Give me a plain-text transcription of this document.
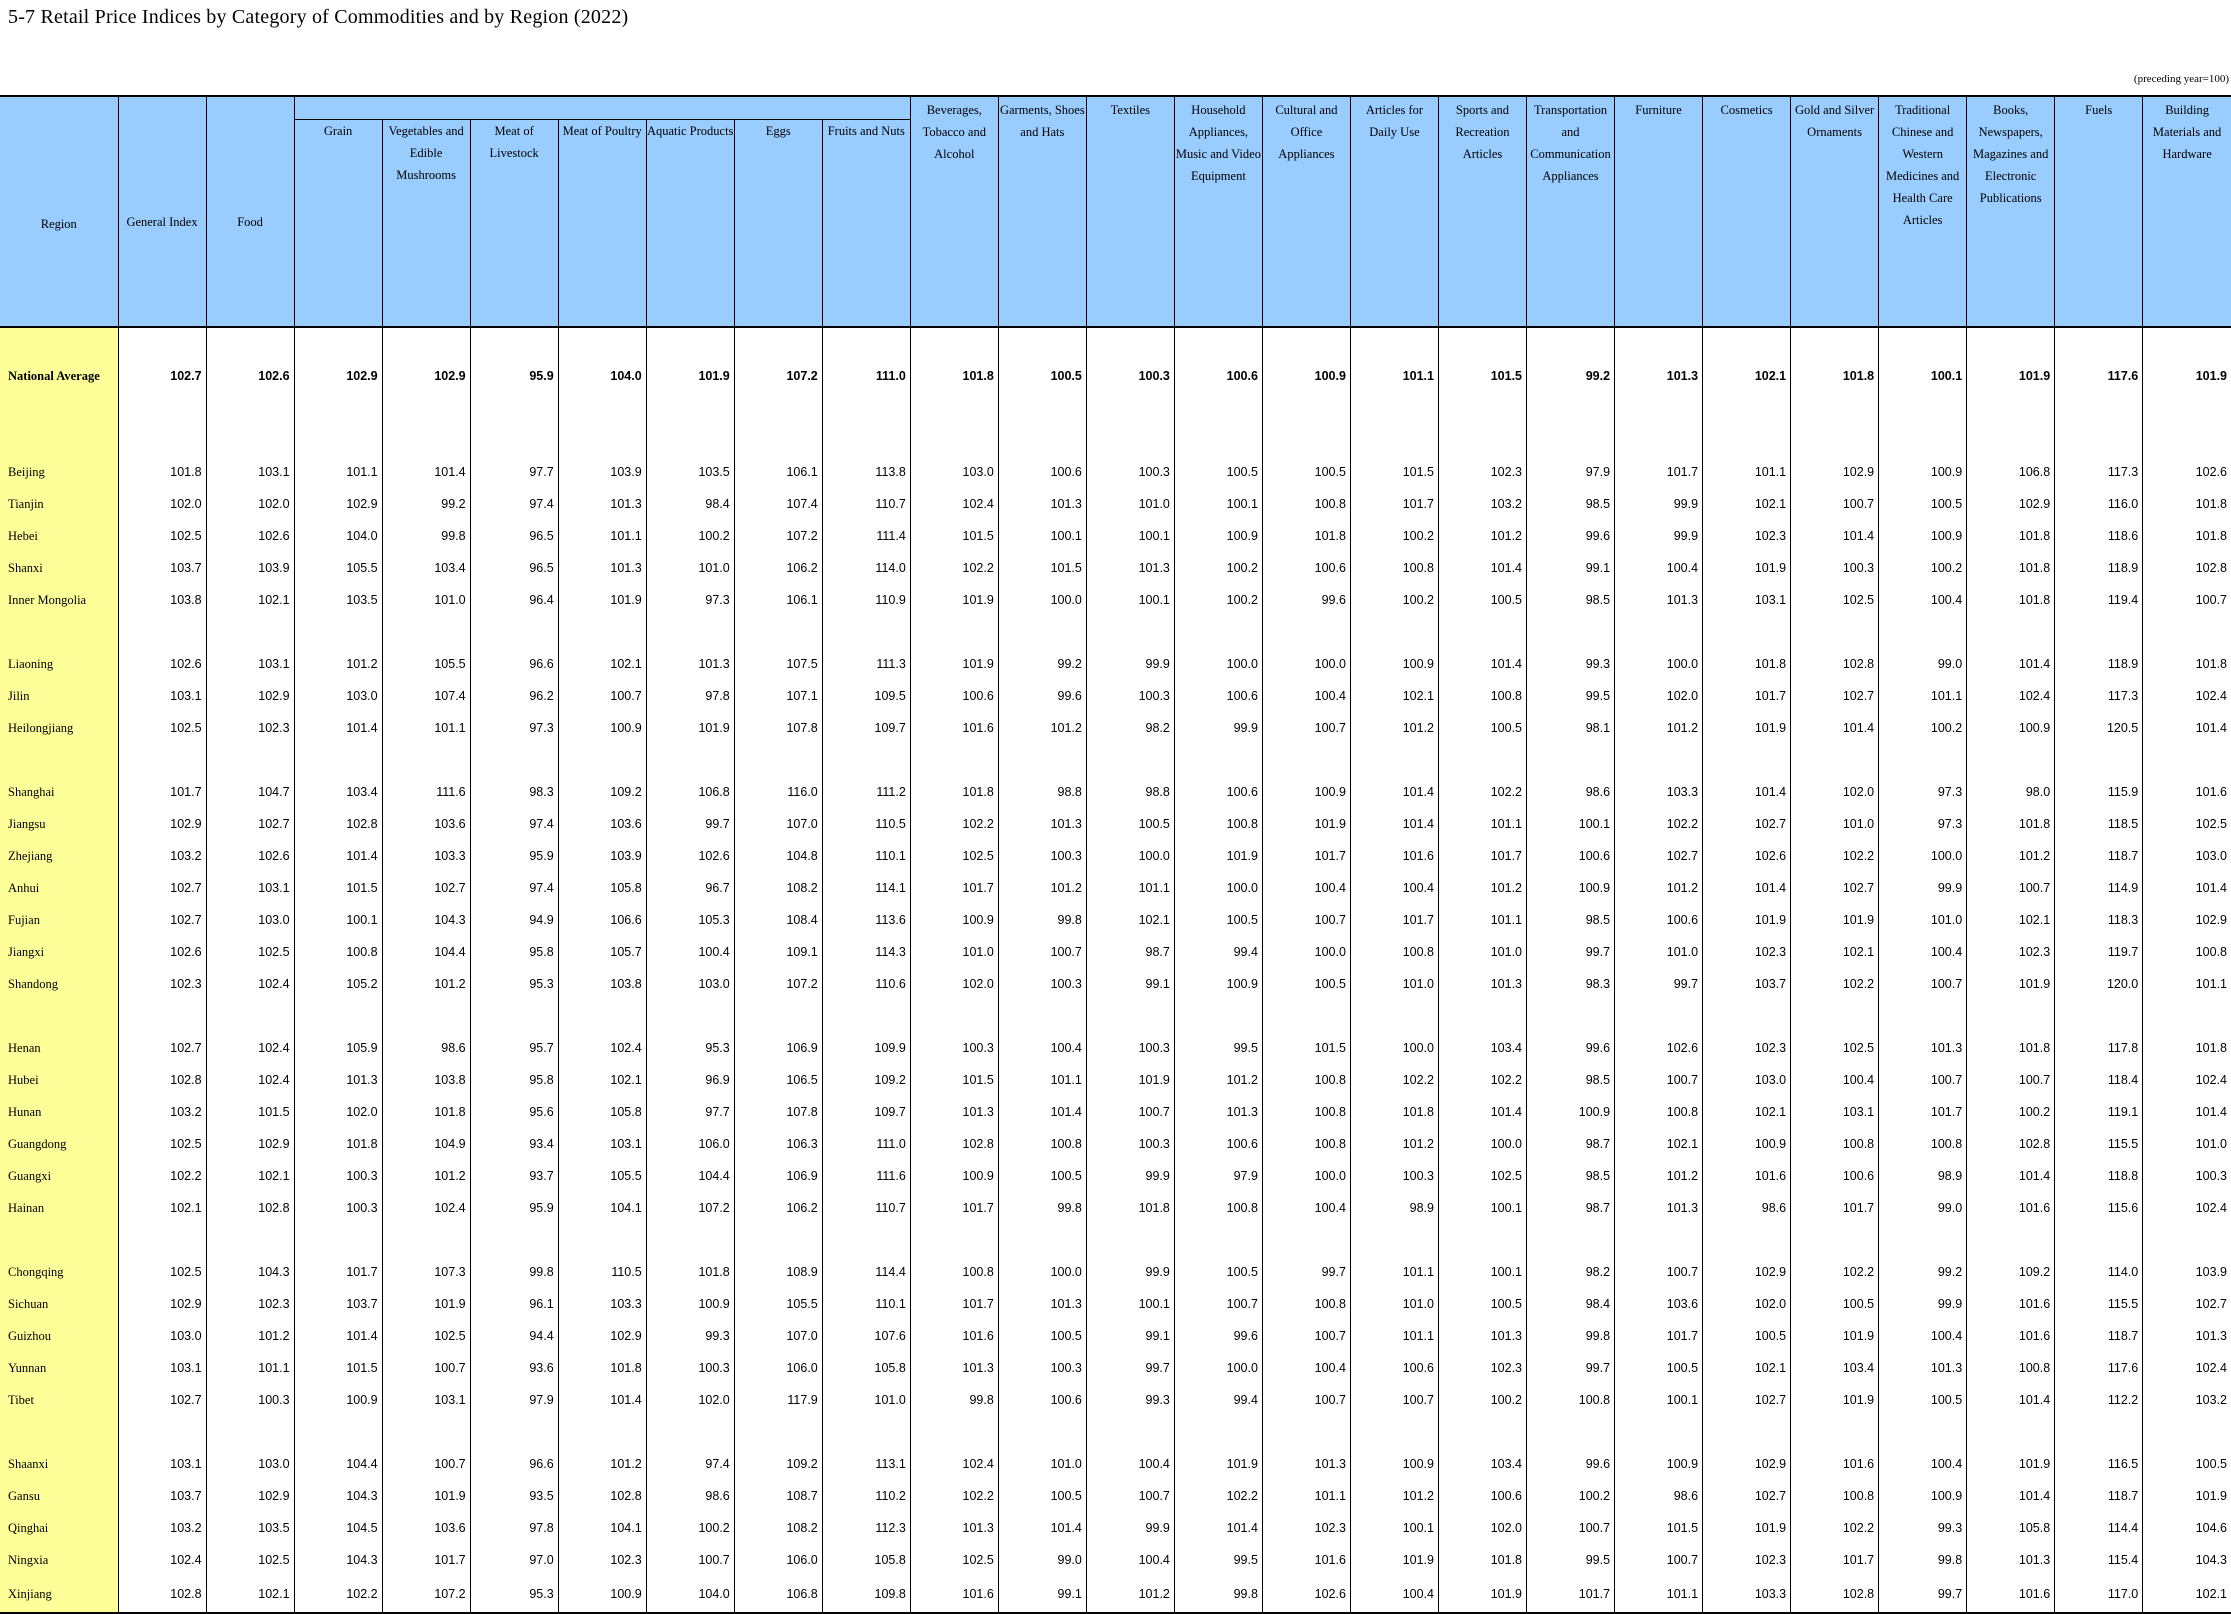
5-7 Retail Price Indices by Category of Commodities and by Region (2022)
(preceding year=100)
Region	General Index	Food								Beverages, Tobacco and Alcohol	Garments, Shoes and Hats	Textiles	Household Appliances, Music and Video Equipment	Cultural and Office Appliances	Articles for Daily Use	Sports and Recreation Articles	Transportation and Communication Appliances	Furniture	Cosmetics	Gold and Silver Ornaments	Traditional Chinese and Western Medicines and Health Care Articles	Books, Newspapers, Magazines and Electronic Publications	Fuels	Building Materials and Hardware
			Grain	Vegetables and Edible Mushrooms	Meat of Livestock	Meat of Poultry	Aquatic Products	Eggs	Fruits and Nuts															
National Average	102.7	102.6	102.9	102.9	95.9	104.0	101.9	107.2	111.0	101.8	100.5	100.3	100.6	100.9	101.1	101.5	99.2	101.3	102.1	101.8	100.1	101.9	117.6	101.9

Beijing	101.8	103.1	101.1	101.4	97.7	103.9	103.5	106.1	113.8	103.0	100.6	100.3	100.5	100.5	101.5	102.3	97.9	101.7	101.1	102.9	100.9	106.8	117.3	102.6
Tianjin	102.0	102.0	102.9	99.2	97.4	101.3	98.4	107.4	110.7	102.4	101.3	101.0	100.1	100.8	101.7	103.2	98.5	99.9	102.1	100.7	100.5	102.9	116.0	101.8
Hebei	102.5	102.6	104.0	99.8	96.5	101.1	100.2	107.2	111.4	101.5	100.1	100.1	100.9	101.8	100.2	101.2	99.6	99.9	102.3	101.4	100.9	101.8	118.6	101.8
Shanxi	103.7	103.9	105.5	103.4	96.5	101.3	101.0	106.2	114.0	102.2	101.5	101.3	100.2	100.6	100.8	101.4	99.1	100.4	101.9	100.3	100.2	101.8	118.9	102.8
Inner Mongolia	103.8	102.1	103.5	101.0	96.4	101.9	97.3	106.1	110.9	101.9	100.0	100.1	100.2	99.6	100.2	100.5	98.5	101.3	103.1	102.5	100.4	101.8	119.4	100.7

Liaoning	102.6	103.1	101.2	105.5	96.6	102.1	101.3	107.5	111.3	101.9	99.2	99.9	100.0	100.0	100.9	101.4	99.3	100.0	101.8	102.8	99.0	101.4	118.9	101.8
Jilin	103.1	102.9	103.0	107.4	96.2	100.7	97.8	107.1	109.5	100.6	99.6	100.3	100.6	100.4	102.1	100.8	99.5	102.0	101.7	102.7	101.1	102.4	117.3	102.4
Heilongjiang	102.5	102.3	101.4	101.1	97.3	100.9	101.9	107.8	109.7	101.6	101.2	98.2	99.9	100.7	101.2	100.5	98.1	101.2	101.9	101.4	100.2	100.9	120.5	101.4

Shanghai	101.7	104.7	103.4	111.6	98.3	109.2	106.8	116.0	111.2	101.8	98.8	98.8	100.6	100.9	101.4	102.2	98.6	103.3	101.4	102.0	97.3	98.0	115.9	101.6
Jiangsu	102.9	102.7	102.8	103.6	97.4	103.6	99.7	107.0	110.5	102.2	101.3	100.5	100.8	101.9	101.4	101.1	100.1	102.2	102.7	101.0	97.3	101.8	118.5	102.5
Zhejiang	103.2	102.6	101.4	103.3	95.9	103.9	102.6	104.8	110.1	102.5	100.3	100.0	101.9	101.7	101.6	101.7	100.6	102.7	102.6	102.2	100.0	101.2	118.7	103.0
Anhui	102.7	103.1	101.5	102.7	97.4	105.8	96.7	108.2	114.1	101.7	101.2	101.1	100.0	100.4	100.4	101.2	100.9	101.2	101.4	102.7	99.9	100.7	114.9	101.4
Fujian	102.7	103.0	100.1	104.3	94.9	106.6	105.3	108.4	113.6	100.9	99.8	102.1	100.5	100.7	101.7	101.1	98.5	100.6	101.9	101.9	101.0	102.1	118.3	102.9
Jiangxi	102.6	102.5	100.8	104.4	95.8	105.7	100.4	109.1	114.3	101.0	100.7	98.7	99.4	100.0	100.8	101.0	99.7	101.0	102.3	102.1	100.4	102.3	119.7	100.8
Shandong	102.3	102.4	105.2	101.2	95.3	103.8	103.0	107.2	110.6	102.0	100.3	99.1	100.9	100.5	101.0	101.3	98.3	99.7	103.7	102.2	100.7	101.9	120.0	101.1

Henan	102.7	102.4	105.9	98.6	95.7	102.4	95.3	106.9	109.9	100.3	100.4	100.3	99.5	101.5	100.0	103.4	99.6	102.6	102.3	102.5	101.3	101.8	117.8	101.8
Hubei	102.8	102.4	101.3	103.8	95.8	102.1	96.9	106.5	109.2	101.5	101.1	101.9	101.2	100.8	102.2	102.2	98.5	100.7	103.0	100.4	100.7	100.7	118.4	102.4
Hunan	103.2	101.5	102.0	101.8	95.6	105.8	97.7	107.8	109.7	101.3	101.4	100.7	101.3	100.8	101.8	101.4	100.9	100.8	102.1	103.1	101.7	100.2	119.1	101.4
Guangdong	102.5	102.9	101.8	104.9	93.4	103.1	106.0	106.3	111.0	102.8	100.8	100.3	100.6	100.8	101.2	100.0	98.7	102.1	100.9	100.8	100.8	102.8	115.5	101.0
Guangxi	102.2	102.1	100.3	101.2	93.7	105.5	104.4	106.9	111.6	100.9	100.5	99.9	97.9	100.0	100.3	102.5	98.5	101.2	101.6	100.6	98.9	101.4	118.8	100.3
Hainan	102.1	102.8	100.3	102.4	95.9	104.1	107.2	106.2	110.7	101.7	99.8	101.8	100.8	100.4	98.9	100.1	98.7	101.3	98.6	101.7	99.0	101.6	115.6	102.4

Chongqing	102.5	104.3	101.7	107.3	99.8	110.5	101.8	108.9	114.4	100.8	100.0	99.9	100.5	99.7	101.1	100.1	98.2	100.7	102.9	102.2	99.2	109.2	114.0	103.9
Sichuan	102.9	102.3	103.7	101.9	96.1	103.3	100.9	105.5	110.1	101.7	101.3	100.1	100.7	100.8	101.0	100.5	98.4	103.6	102.0	100.5	99.9	101.6	115.5	102.7
Guizhou	103.0	101.2	101.4	102.5	94.4	102.9	99.3	107.0	107.6	101.6	100.5	99.1	99.6	100.7	101.1	101.3	99.8	101.7	100.5	101.9	100.4	101.6	118.7	101.3
Yunnan	103.1	101.1	101.5	100.7	93.6	101.8	100.3	106.0	105.8	101.3	100.3	99.7	100.0	100.4	100.6	102.3	99.7	100.5	102.1	103.4	101.3	100.8	117.6	102.4
Tibet	102.7	100.3	100.9	103.1	97.9	101.4	102.0	117.9	101.0	99.8	100.6	99.3	99.4	100.7	100.7	100.2	100.8	100.1	102.7	101.9	100.5	101.4	112.2	103.2

Shaanxi	103.1	103.0	104.4	100.7	96.6	101.2	97.4	109.2	113.1	102.4	101.0	100.4	101.9	101.3	100.9	103.4	99.6	100.9	102.9	101.6	100.4	101.9	116.5	100.5
Gansu	103.7	102.9	104.3	101.9	93.5	102.8	98.6	108.7	110.2	102.2	100.5	100.7	102.2	101.1	101.2	100.6	100.2	98.6	102.7	100.8	100.9	101.4	118.7	101.9
Qinghai	103.2	103.5	104.5	103.6	97.8	104.1	100.2	108.2	112.3	101.3	101.4	99.9	101.4	102.3	100.1	102.0	100.7	101.5	101.9	102.2	99.3	105.8	114.4	104.6
Ningxia	102.4	102.5	104.3	101.7	97.0	102.3	100.7	106.0	105.8	102.5	99.0	100.4	99.5	101.6	101.9	101.8	99.5	100.7	102.3	101.7	99.8	101.3	115.4	104.3
Xinjiang	102.8	102.1	102.2	107.2	95.3	100.9	104.0	106.8	109.8	101.6	99.1	101.2	99.8	102.6	100.4	101.9	101.7	101.1	103.3	102.8	99.7	101.6	117.0	102.1
